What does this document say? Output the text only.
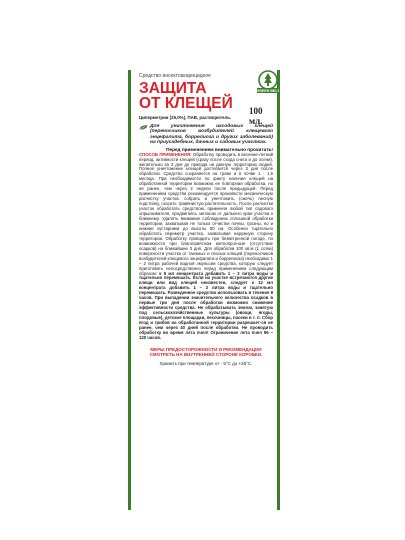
GREEN BELT
Средство инсектоакарицидное
ЗАЩИТА
ОТ КЛЕЩЕЙ	100 мл.
Циперметрин (25,0%), ПАВ, растворитель.
Для уничтожения иксодовых клещей (переносчиков возбудителей клещевого энцефалита, боррелиоза и других заболеваний) на приусадебных, дачных и садовых участках.
Перед применением внимательно прочитать!
СПОСОБ ПРИМЕНЕНИЯ: Обработку проводить в весенне-летний период, активности клещей (сразу после схода снега и до осени), желательно за 3 дня до приезда на данную территорию людей. Полное уничтожение клещей достигается через 3 дня после обработки. Средство сохраняется на траве и в почве 1 - 1,5 месяца. При необходимости по факту наличия клещей на обработанной территории возможна ее повторная обработка, но не ранее, чем через 2 недели после предыдущей. Перед применением средства рекомендуется произвести механическую расчистку участка: собрать и уничтожить (сжечь) лесную подстилку, скосить травянистую растительность. После расчистки участок обработать средством, применяя любой тип садового опрыскивателя, продвигаясь зигзагом от дальнего края участка к ближнему. Удалять внимание соблюдению сплошной обработки территории, захватывая не только отчистки почвы, грозны, но и нижние кустарники до высоты 50 см. Особенно тщательно обработать периметр участка, захватывая наружную сторону территории. Обработку проводить при безветренной погоде, по возможности при благоприятном метеопрогнозе (отсутствие осадков) на ближайшие 3 дня. Для обработки 100 кв.м (1 сотки) поверхности участка от таежных и лесных клещей (переносчиков возбудителей клещевого энцефалита и боррелиоза) необходимо 1 – 2 литра рабочей водной эмульсии средства, которую следует приготовить непосредственно перед применением следующим образом: к 5 мл концентрата добавить 1 – 2 литра воды и тщательно перемешать. Если на участке встречаются другие клещи или вид клещей неизвестен, следует к 12 мл концентрата добавить 1 – 2 литра воды и тщательно перемешать. Разведенное средство использовать в течение 8 часов. При выпадении значительного количества осадков в первые три дня после обработки возможно снижение эффективности средства. Не обрабатывать землю, занятую под сельскохозяйственные культуры (овощи, ягоды, плодовые), детские площадки, песочницы, пасеки и т. п. Сбор ягод и грибов на обработанной территории разрешает-ся не ранее, чем через 40 дней после обработки. Не проводить обработку во время лета пчел! Ограничение лета пчел 96 – 120 часов.
МЕРЫ ПРЕДОСТОРОЖНОСТИ И РЕКОМЕНДАЦИИ СМОТРЕТЬ НА ВНУТРЕННЕЙ СТОРОНЕ КОРОБКИ.
Хранить при температуре от - 5°C до +25°C.
